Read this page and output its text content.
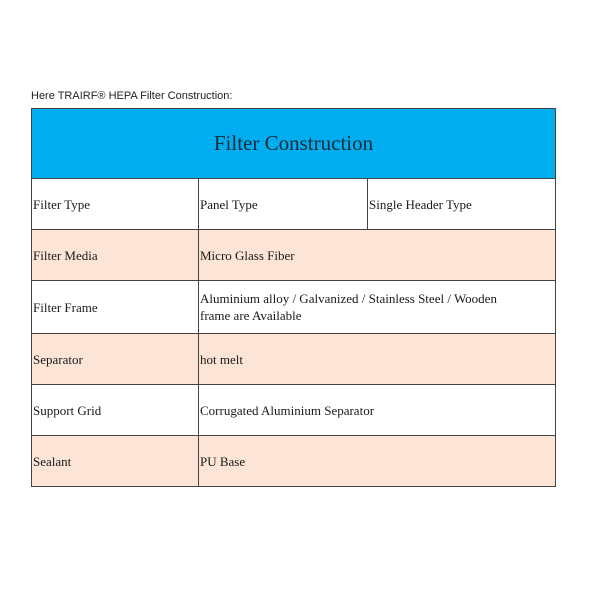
Here TRAIRF® HEPA Filter Construction:
Filter Construction		
Filter Type	Panel Type	Single Header Type
Filter Media	Micro Glass Fiber	
Filter Frame	Aluminium alloy / Galvanized / Stainless Steel / Wooden frame are Available	
Separator	hot melt	
Support Grid	Corrugated Aluminium Separator	
Sealant	PU Base	
